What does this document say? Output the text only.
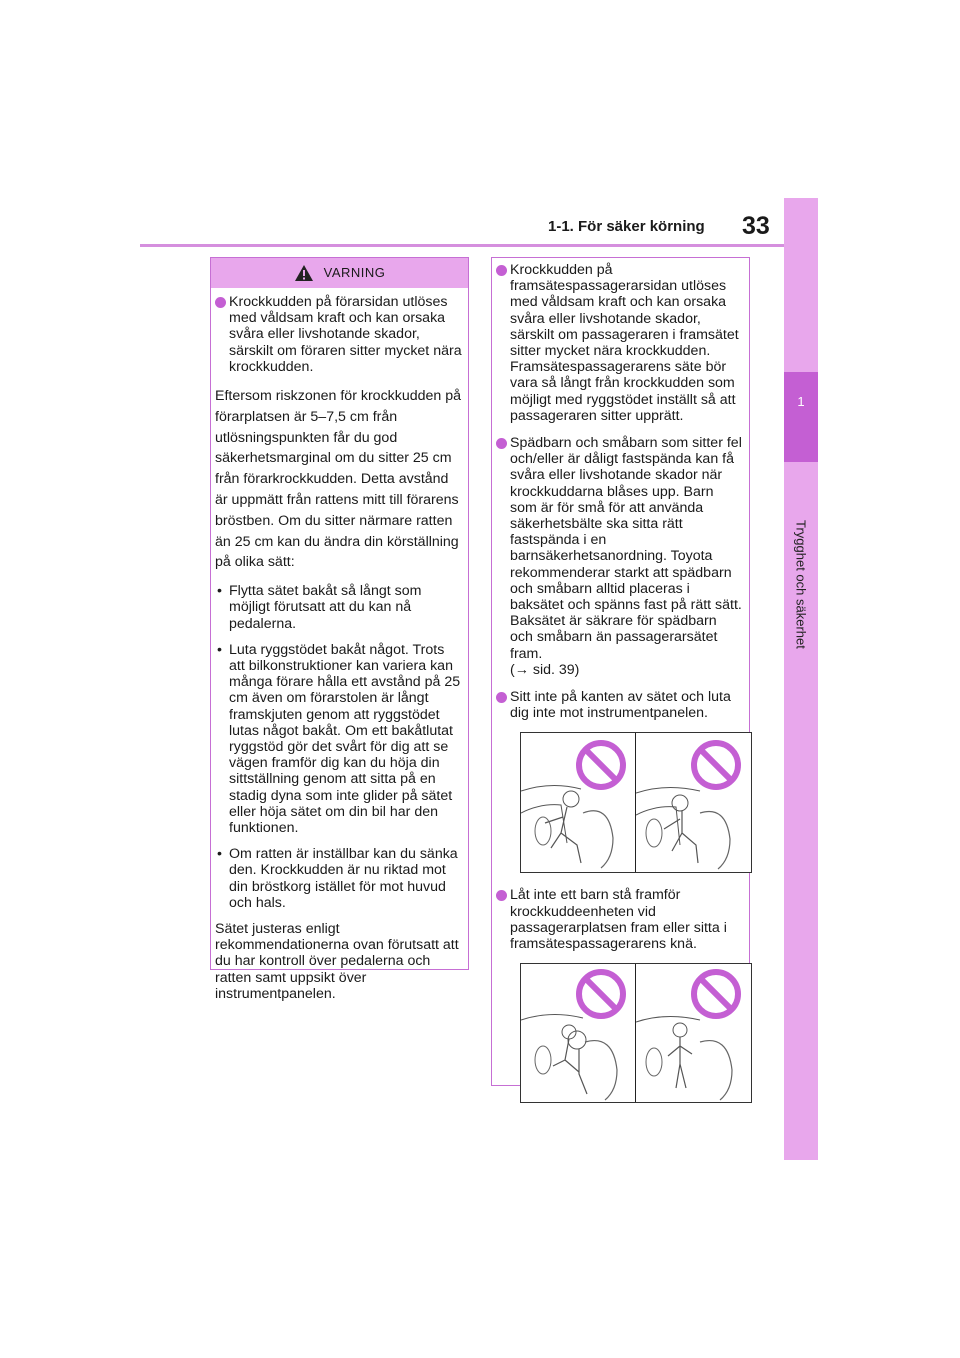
1-1. För säker körning 33
1
Trygghet och säkerhet
VARNING
Krockkudden på förarsidan utlöses med våldsam kraft och kan orsaka svåra eller livshotande skador, särskilt om föraren sitter mycket nära krockkudden.
Eftersom riskzonen för krockkudden på förarplatsen är 5–7,5 cm från utlösningspunkten får du god säkerhetsmarginal om du sitter 25 cm från förarkrockkudden. Detta avstånd är uppmätt från rattens mitt till förarens bröstben. Om du sitter närmare ratten än 25 cm kan du ändra din körställning på olika sätt:
• Flytta sätet bakåt så långt som möjligt förutsatt att du kan nå pedalerna.
• Luta ryggstödet bakåt något. Trots att bilkonstruktioner kan variera kan många förare hålla ett avstånd på 25 cm även om förarstolen är långt framskjuten genom att ryggstödet lutas något bakåt. Om ett bakåtlutat ryggstöd gör det svårt för dig att se vägen framför dig kan du höja din sittställning genom att sitta på en stadig dyna som inte glider på sätet eller höja sätet om din bil har den funktionen.
• Om ratten är inställbar kan du sänka den. Krockkudden är nu riktad mot din bröstkorg istället för mot huvud och hals.
Sätet justeras enligt rekommendationerna ovan förutsatt att du har kontroll över pedalerna och ratten samt uppsikt över instrumentpanelen.
Krockkudden på framsätespassagerarsidan utlöses med våldsam kraft och kan orsaka svåra eller livshotande skador, särskilt om passageraren i framsätet sitter mycket nära krockkudden. Framsätespassagerarens säte bör vara så långt från krockkudden som möjligt med ryggstödet inställt så att passageraren sitter upprätt.
Spädbarn och småbarn som sitter fel och/eller är dåligt fastspända kan få svåra eller livshotande skador när krockkuddarna blåses upp. Barn som är för små för att använda säkerhetsbälte ska sitta rätt fastspända i en barnsäkerhetsanordning. Toyota rekommenderar starkt att spädbarn och småbarn alltid placeras i baksätet och spänns fast på rätt sätt. Baksätet är säkrare för spädbarn och småbarn än passagerarsätet fram.
(→ sid. 39)
Sitt inte på kanten av sätet och luta dig inte mot instrumentpanelen.
Låt inte ett barn stå framför krockkuddeenheten vid passagerarplatsen fram eller sitta i framsätespassagerarens knä.
